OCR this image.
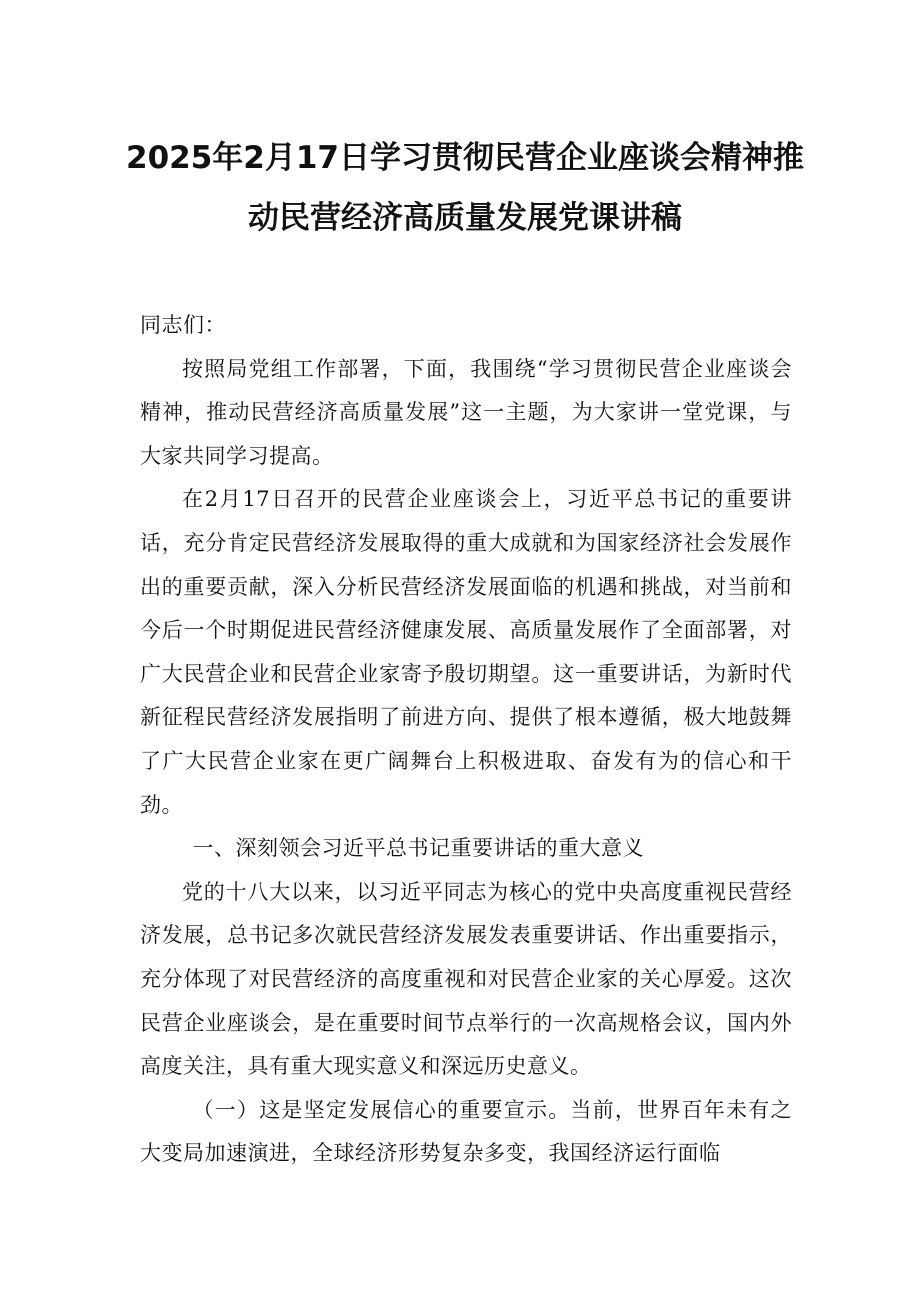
2025年2月17日学习贯彻民营企业座谈会精神推动民营经济高质量发展党课讲稿

同志们：

按照局党组工作部署，下面，我围绕“学习贯彻民营企业座谈会精神，推动民营经济高质量发展”这一主题，为大家讲一堂党课，与大家共同学习提高。

在2月17日召开的民营企业座谈会上，习近平总书记的重要讲话，充分肯定民营经济发展取得的重大成就和为国家经济社会发展作出的重要贡献，深入分析民营经济发展面临的机遇和挑战，对当前和今后一个时期促进民营经济健康发展、高质量发展作了全面部署，对广大民营企业和民营企业家寄予殷切期望。这一重要讲话，为新时代新征程民营经济发展指明了前进方向、提供了根本遵循，极大地鼓舞了广大民营企业家在更广阔舞台上积极进取、奋发有为的信心和干劲。

一、深刻领会习近平总书记重要讲话的重大意义

党的十八大以来，以习近平同志为核心的党中央高度重视民营经济发展，总书记多次就民营经济发展发表重要讲话、作出重要指示，充分体现了对民营经济的高度重视和对民营企业家的关心厚爱。这次民营企业座谈会，是在重要时间节点举行的一次高规格会议，国内外高度关注，具有重大现实意义和深远历史意义。

（一）这是坚定发展信心的重要宣示。当前，世界百年未有之大变局加速演进，全球经济形势复杂多变，我国经济运行面临
